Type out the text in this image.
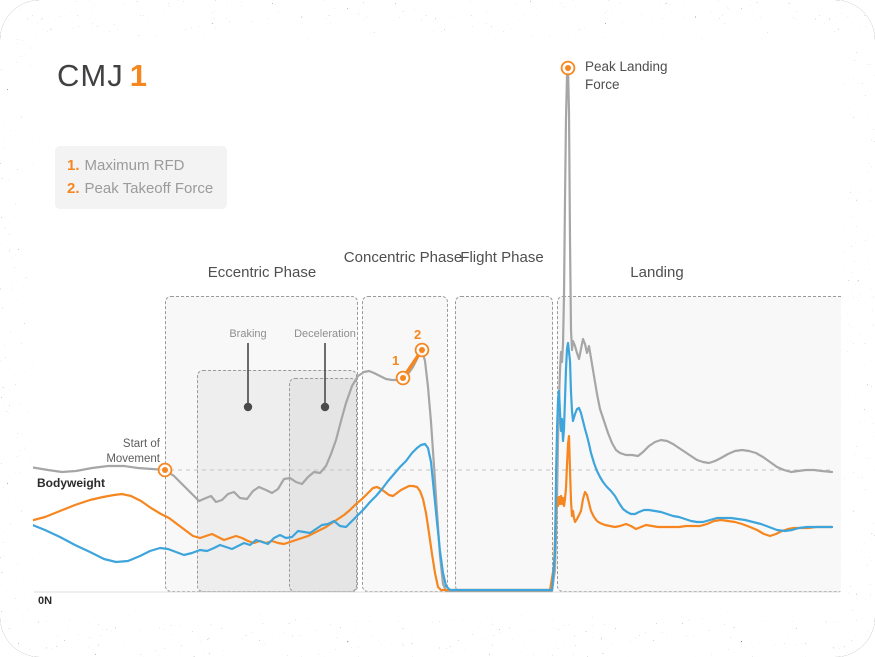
CMJ 1
1. Maximum RFD
2. Peak Takeoff Force
Eccentric Phase
Concentric Phase
Flight Phase
Landing
Braking	Deceleration
Start of
Movement
Bodyweight
0N
Peak Landing
Force
1
2
